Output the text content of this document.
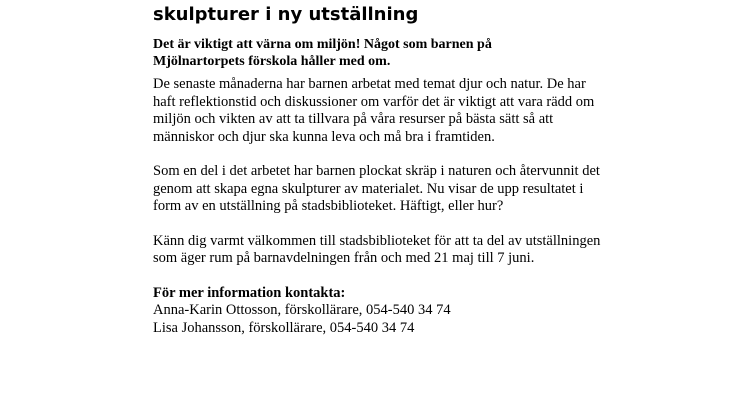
skulpturer i ny utställning

Det är viktigt att värna om miljön! Något som barnen på
Mjölnartorpets förskola håller med om.

De senaste månaderna har barnen arbetat med temat djur och natur. De har
haft reflektionstid och diskussioner om varför det är viktigt att vara rädd om
miljön och vikten av att ta tillvara på våra resurser på bästa sätt så att
människor och djur ska kunna leva och må bra i framtiden.

Som en del i det arbetet har barnen plockat skräp i naturen och återvunnit det
genom att skapa egna skulpturer av materialet. Nu visar de upp resultatet i
form av en utställning på stadsbiblioteket. Häftigt, eller hur?

Känn dig varmt välkommen till stadsbiblioteket för att ta del av utställningen
som äger rum på barnavdelningen från och med 21 maj till 7 juni.

För mer information kontakta:
Anna-Karin Ottosson, förskollärare, 054-540 34 74
Lisa Johansson, förskollärare, 054-540 34 74
